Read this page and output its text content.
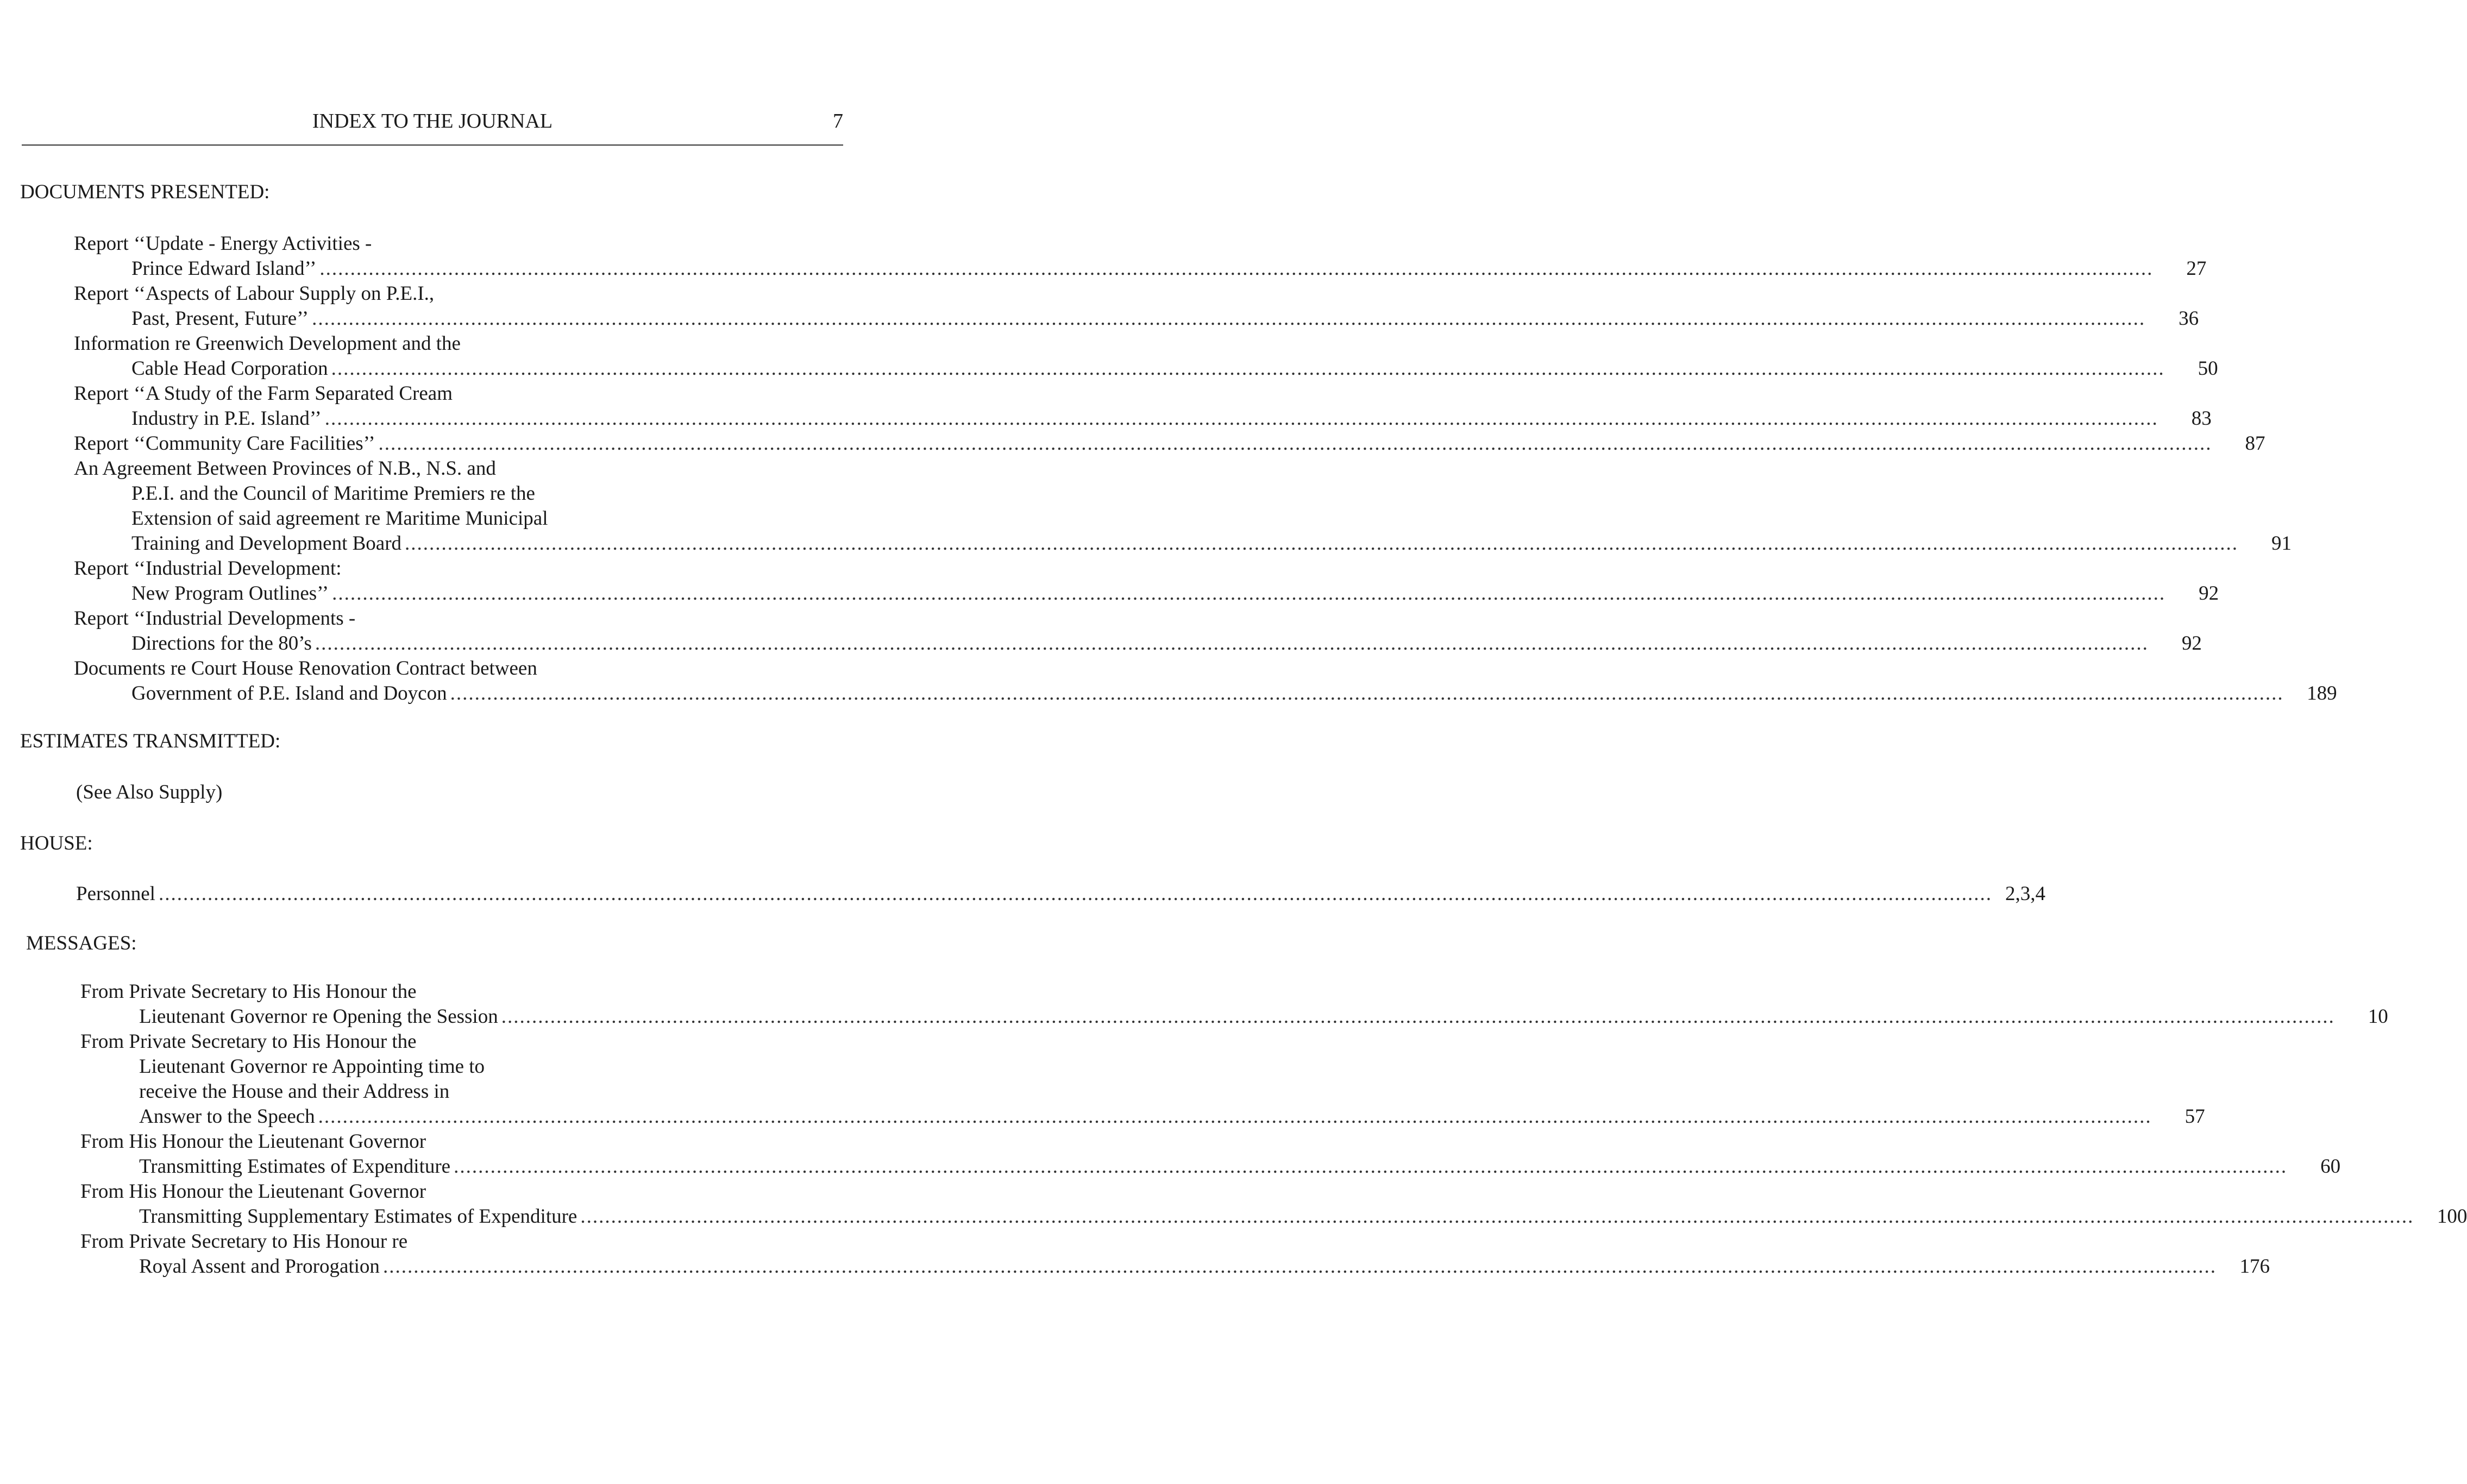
INDEX TO THE JOURNAL	7
DOCUMENTS PRESENTED:
Report ‘‘Update - Energy Activities -
Prince Edward Island’’ ............................................................................................................................................................................................................................................................................................................	27
Report ‘‘Aspects of Labour Supply on P.E.I.,
Past, Present, Future’’ ............................................................................................................................................................................................................................................................................................................	36
Information re Greenwich Development and the
Cable Head Corporation ............................................................................................................................................................................................................................................................................................................	50
Report ‘‘A Study of the Farm Separated Cream
Industry in P.E. Island’’ ............................................................................................................................................................................................................................................................................................................	83
Report ‘‘Community Care Facilities’’ ............................................................................................................................................................................................................................................................................................................	87
An Agreement Between Provinces of N.B., N.S. and
P.E.I. and the Council of Maritime Premiers re the
Extension of said agreement re Maritime Municipal
Training and Development Board ............................................................................................................................................................................................................................................................................................................	91
Report ‘‘Industrial Development:
New Program Outlines’’ ............................................................................................................................................................................................................................................................................................................	92
Report ‘‘Industrial Developments -
Directions for the 80’s ............................................................................................................................................................................................................................................................................................................	92
Documents re Court House Renovation Contract between
Government of P.E. Island and Doycon ............................................................................................................................................................................................................................................................................................................	189
ESTIMATES TRANSMITTED:
(See Also Supply)
HOUSE:
Personnel ............................................................................................................................................................................................................................................................................................................ 2,3,4
MESSAGES:
From Private Secretary to His Honour the
Lieutenant Governor re Opening the Session ............................................................................................................................................................................................................................................................................................................	10
From Private Secretary to His Honour the
Lieutenant Governor re Appointing time to
receive the House and their Address in
Answer to the Speech ............................................................................................................................................................................................................................................................................................................	57
From His Honour the Lieutenant Governor
Transmitting Estimates of Expenditure ............................................................................................................................................................................................................................................................................................................	60
From His Honour the Lieutenant Governor
Transmitting Supplementary Estimates of Expenditure ............................................................................................................................................................................................................................................................................................................	100
From Private Secretary to His Honour re
Royal Assent and Prorogation ............................................................................................................................................................................................................................................................................................................	176
